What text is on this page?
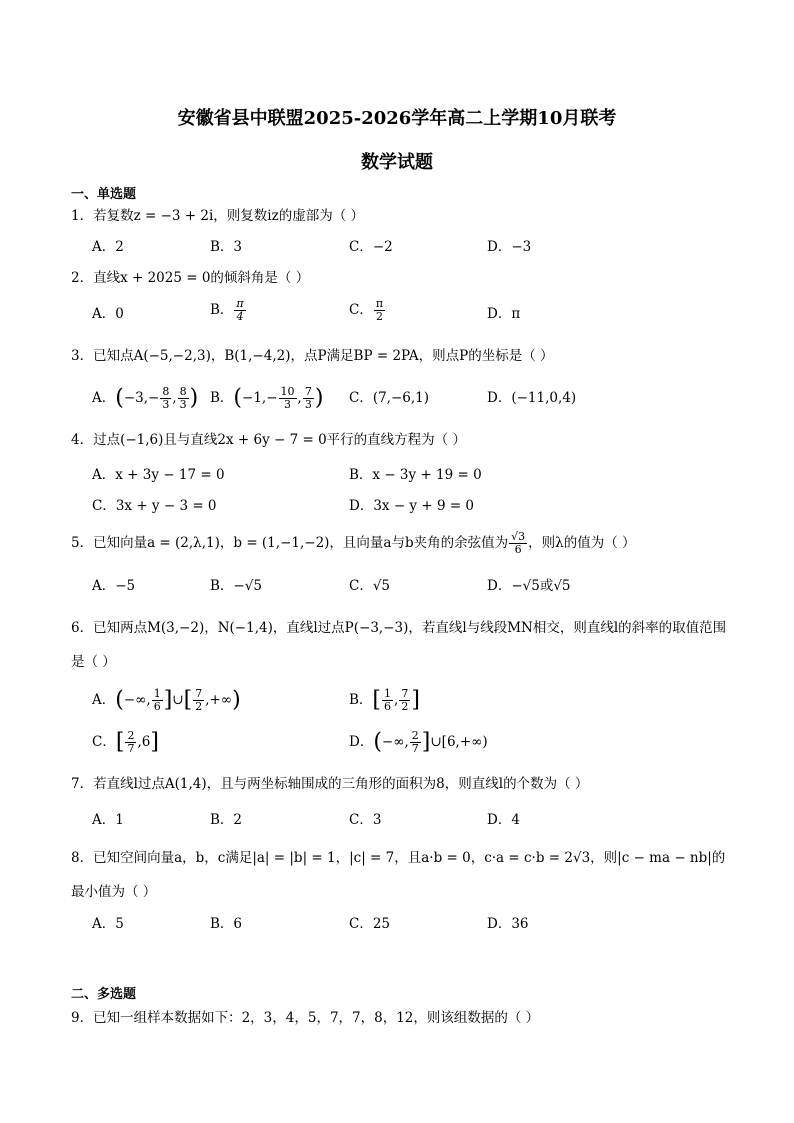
安徽省县中联盟2025-2026学年高二上学期10月联考
数学试题
一、单选题
1．若复数z = −3 + 2i，则复数iz的虚部为（ ）
A．2	B．3	C．−2	D．−3
2．直线x + 2025 = 0的倾斜角是（ ）
A．0	B． $\frac{\pi}{4}$	C． $\frac{\pi}{2}$	D．π
3．已知点A(−5,−2,3)，B(1,−4,2)，点P满足BP = 2PA，则点P的坐标是（ ）
A．($-3,- \frac{8}{3}$ , $\frac{8}{3}$ ) B．($-1,- \frac{10}{3}$ , $\frac{7}{3}$ ) C．(7,−6,1)	D．(−11,0,4)
4．过点(−1,6)且与直线2x + 6y − 7 = 0平行的直线方程为（ ）
A．x + 3y − 17 = 0	B．x − 3y + 19 = 0
C．3x + y − 3 = 0	D．3x − y + 9 = 0
5．已知向量a = (2,λ,1)，b = (1,−1,−2)，且向量a与b夹角的余弦值为 $\frac{√3}{6}$ ，则λ的值为（ ）
A．−5	B．−√5	C．√5	D．−√5或√5
6．已知两点M(3,−2)，N(−1,4)，直线l过点P(−3,−3)，若直线l与线段MN相交，则直线l的斜率的取值范围是（ ）
A．(−∞, $\frac{1}{6}$ ]∪[ $\frac{7}{2}$ ,+∞)	B．[ $\frac{1}{6}$ , $\frac{7}{2}$ ]
C．[ $\frac{2}{7} ,6$]	D．(−∞, $\frac{2}{7}$ ]∪[6,+∞)
7．若直线l过点A(1,4)，且与两坐标轴围成的三角形的面积为8，则直线l的个数为（ ）
A．1	B．2	C．3	D．4
8．已知空间向量a，b，c满足|a| = |b| = 1，|c| = 7，且a·b = 0，c·a = c·b = 2√3，则|c − ma − nb|的最小值为（ ）
A．5	B．6	C．25	D．36
二、多选题
9．已知一组样本数据如下：2，3，4，5，7，7，8，12，则该组数据的（ ）
